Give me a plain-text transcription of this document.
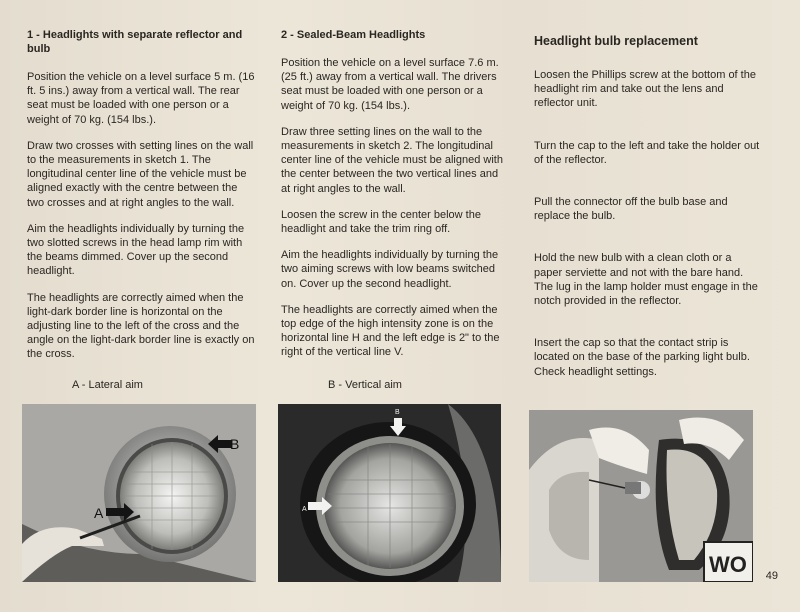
1 - Headlights with separate reflector and bulb

Position the vehicle on a level surface 5 m. (16 ft. 5 ins.) away from a vertical wall. The rear seat must be loaded with one person or a weight of 70 kg. (154 lbs.).

Draw two crosses with setting lines on the wall to the measurements in sketch 1. The longitudinal center line of the vehicle must be aligned exactly with the centre between the two crosses and at right angles to the wall.

Aim the headlights individually by turning the two slotted screws in the head lamp rim with the beams dimmed. Cover up the second headlight.

The headlights are correctly aimed when the light-dark border line is horizontal on the adjusting line to the left of the cross and the angle on the light-dark border line is exactly on the cross.

2 - Sealed-Beam Headlights

Position the vehicle on a level surface 7.6 m. (25 ft.) away from a vertical wall. The drivers seat must be loaded with one person or a weight of 70 kg. (154 lbs.).

Draw three setting lines on the wall to the measurements in sketch 2. The longitudinal center line of the vehicle must be aligned with the center between the two vertical lines and at right angles to the wall.

Loosen the screw in the center below the headlight and take the trim ring off.

Aim the headlights individually by turning the two aiming screws with low beams switched on. Cover up the second headlight.

The headlights are correctly aimed when the top edge of the high intensity zone is on the horizontal line H and the left edge is 2" to the right of the vertical line V.

Headlight bulb replacement

Loosen the Phillips screw at the bottom of the headlight rim and take out the lens and reflector unit.

Turn the cap to the left and take the holder out of the reflector.

Pull the connector off the bulb base and replace the bulb.

Hold the new bulb with a clean cloth or a paper serviette and not with the bare hand. The lug in the lamp holder must engage in the notch provided in the reflector.

Insert the cap so that the contact strip is located on the base of the parking light bulb. Check headlight settings.

A - Lateral aim	B - Vertical aim
A
B
A
B
WO 49
